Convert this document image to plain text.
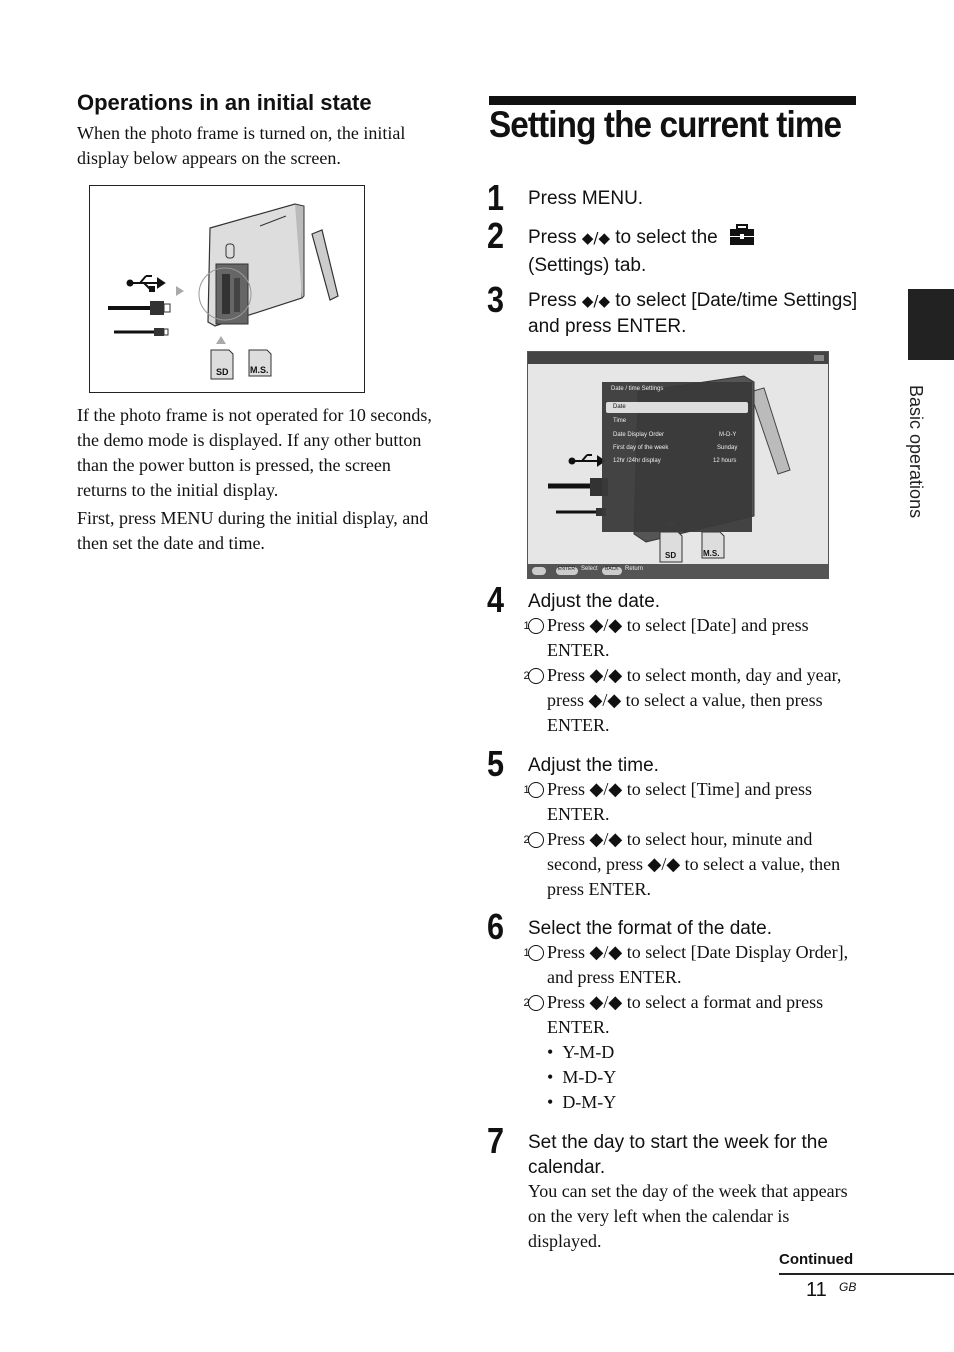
Operations in an initial state
When the photo frame is turned on, the initial display below appears on the screen.
SD M.S.
If the photo frame is not operated for 10 seconds, the demo mode is displayed. If any other button than the power button is pressed, the screen returns to the initial display.
First, press MENU during the initial display, and then set the date and time.
Setting the current time
1 Press MENU.
2 Press ◆/◆ to select the
(Settings) tab.
3 Press ◆/◆ to select [Date/time Settings] and press ENTER.
Date / time Settings
Date
Time
Date Display Order	M-D-Y
First day of the week	Sunday
12hr /24hr display	12 hours
SD	M.S.
ENTER Select BACK Return
4 Adjust the date.
1 Press ◆/◆ to select [Date] and press ENTER.
2 Press ◆/◆ to select month, day and year, press ◆/◆ to select a value, then press ENTER.
5 Adjust the time.
1 Press ◆/◆ to select [Time] and press ENTER.
2 Press ◆/◆ to select hour, minute and second, press ◆/◆ to select a value, then press ENTER.
6 Select the format of the date.
1 Press ◆/◆ to select [Date Display Order], and press ENTER.
2 Press ◆/◆ to select a format and press ENTER.
•  Y-M-D
•  M-D-Y
•  D-M-Y
7 Set the day to start the week for the calendar.
You can set the day of the week that appears on the very left when the calendar is displayed.
Basic operations
Continued
11 GB
